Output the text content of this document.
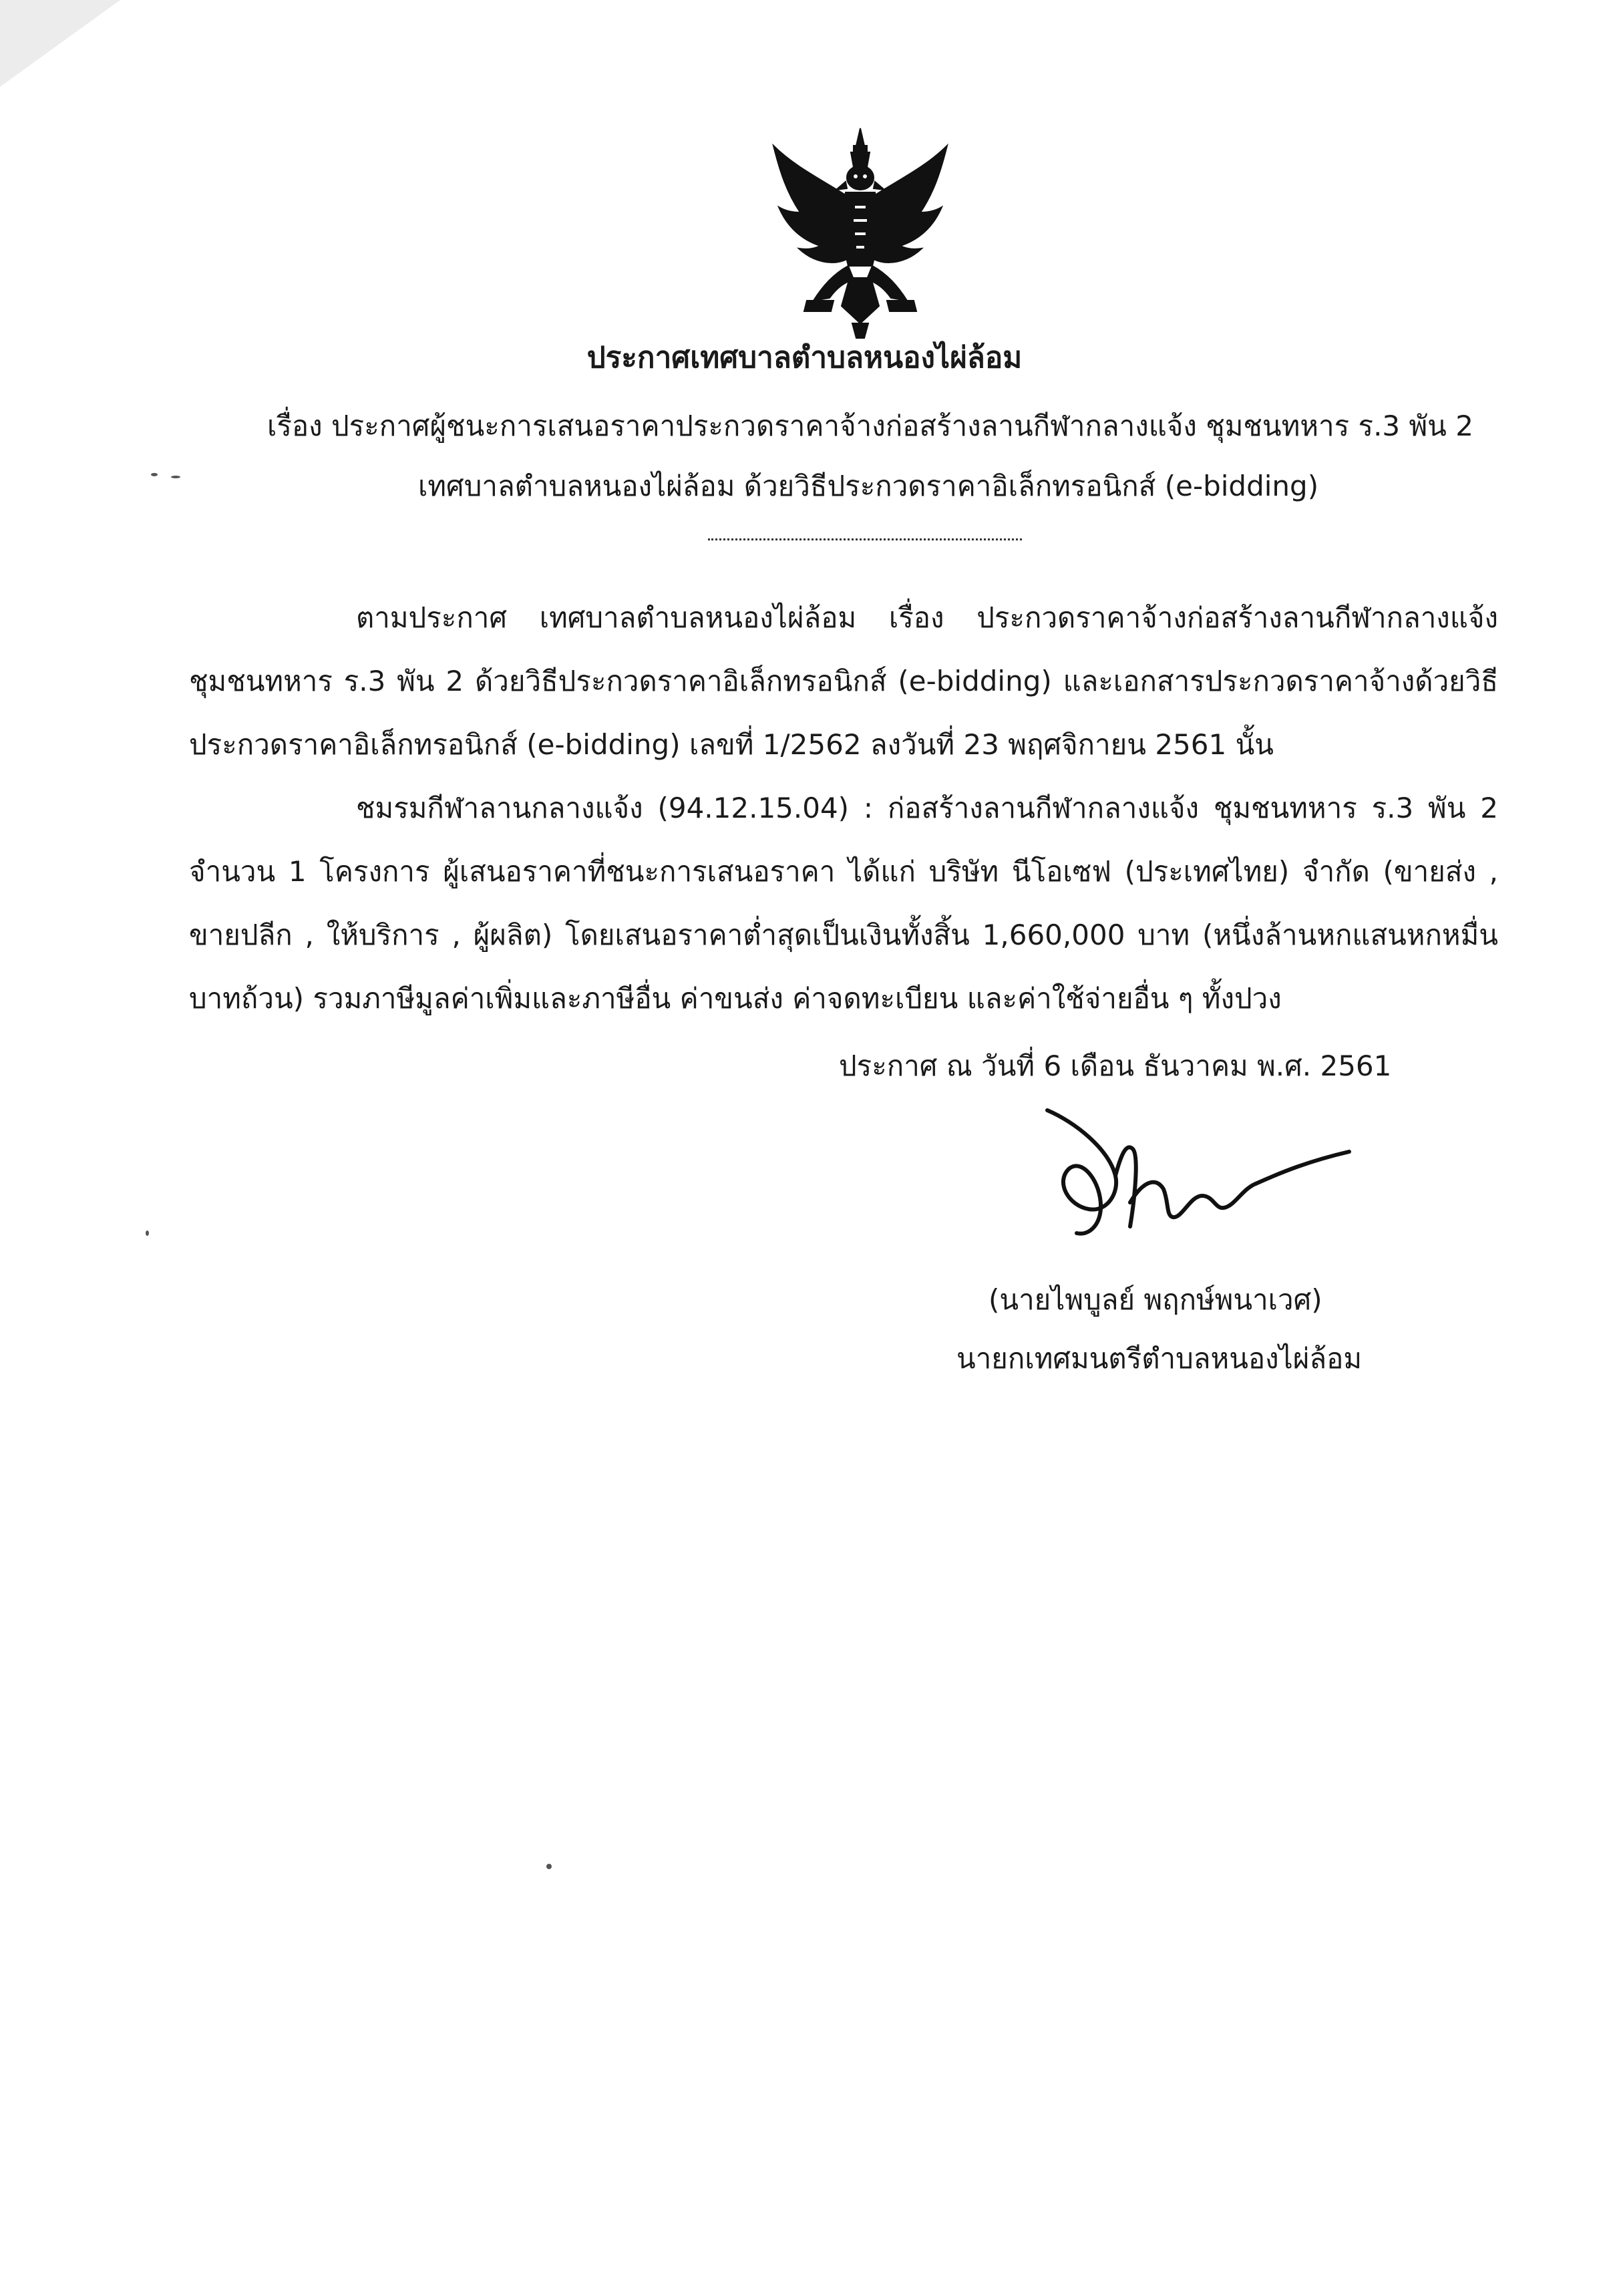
ประกาศเทศบาลตำบลหนองไผ่ล้อม
เรื่อง ประกาศผู้ชนะการเสนอราคาประกวดราคาจ้างก่อสร้างลานกีฬากลางแจ้ง ชุมชนทหาร ร.3 พัน 2
เทศบาลตำบลหนองไผ่ล้อม ด้วยวิธีประกวดราคาอิเล็กทรอนิกส์ (e-bidding)
ตามประกาศ เทศบาลตำบลหนองไผ่ล้อม เรื่อง ประกวดราคาจ้างก่อสร้างลานกีฬากลางแจ้ง ชุมชนทหาร ร.3 พัน 2 ด้วยวิธีประกวดราคาอิเล็กทรอนิกส์ (e-bidding) และเอกสารประกวดราคาจ้างด้วยวิธีประกวดราคาอิเล็กทรอนิกส์ (e-bidding) เลขที่ 1/2562 ลงวันที่ 23 พฤศจิกายน 2561 นั้น
ชมรมกีฬาลานกลางแจ้ง (94.12.15.04) : ก่อสร้างลานกีฬากลางแจ้ง ชุมชนทหาร ร.3 พัน 2 จำนวน 1 โครงการ ผู้เสนอราคาที่ชนะการเสนอราคา ได้แก่ บริษัท นีโอเซฟ (ประเทศไทย) จำกัด (ขายส่ง , ขายปลีก , ให้บริการ , ผู้ผลิต) โดยเสนอราคาต่ำสุดเป็นเงินทั้งสิ้น 1,660,000 บาท (หนึ่งล้านหกแสนหกหมื่นบาทถ้วน) รวมภาษีมูลค่าเพิ่มและภาษีอื่น ค่าขนส่ง ค่าจดทะเบียน และค่าใช้จ่ายอื่น ๆ ทั้งปวง
ประกาศ ณ วันที่ 6 เดือน ธันวาคม พ.ศ. 2561
(นายไพบูลย์ พฤกษ์พนาเวศ)
นายกเทศมนตรีตำบลหนองไผ่ล้อม
